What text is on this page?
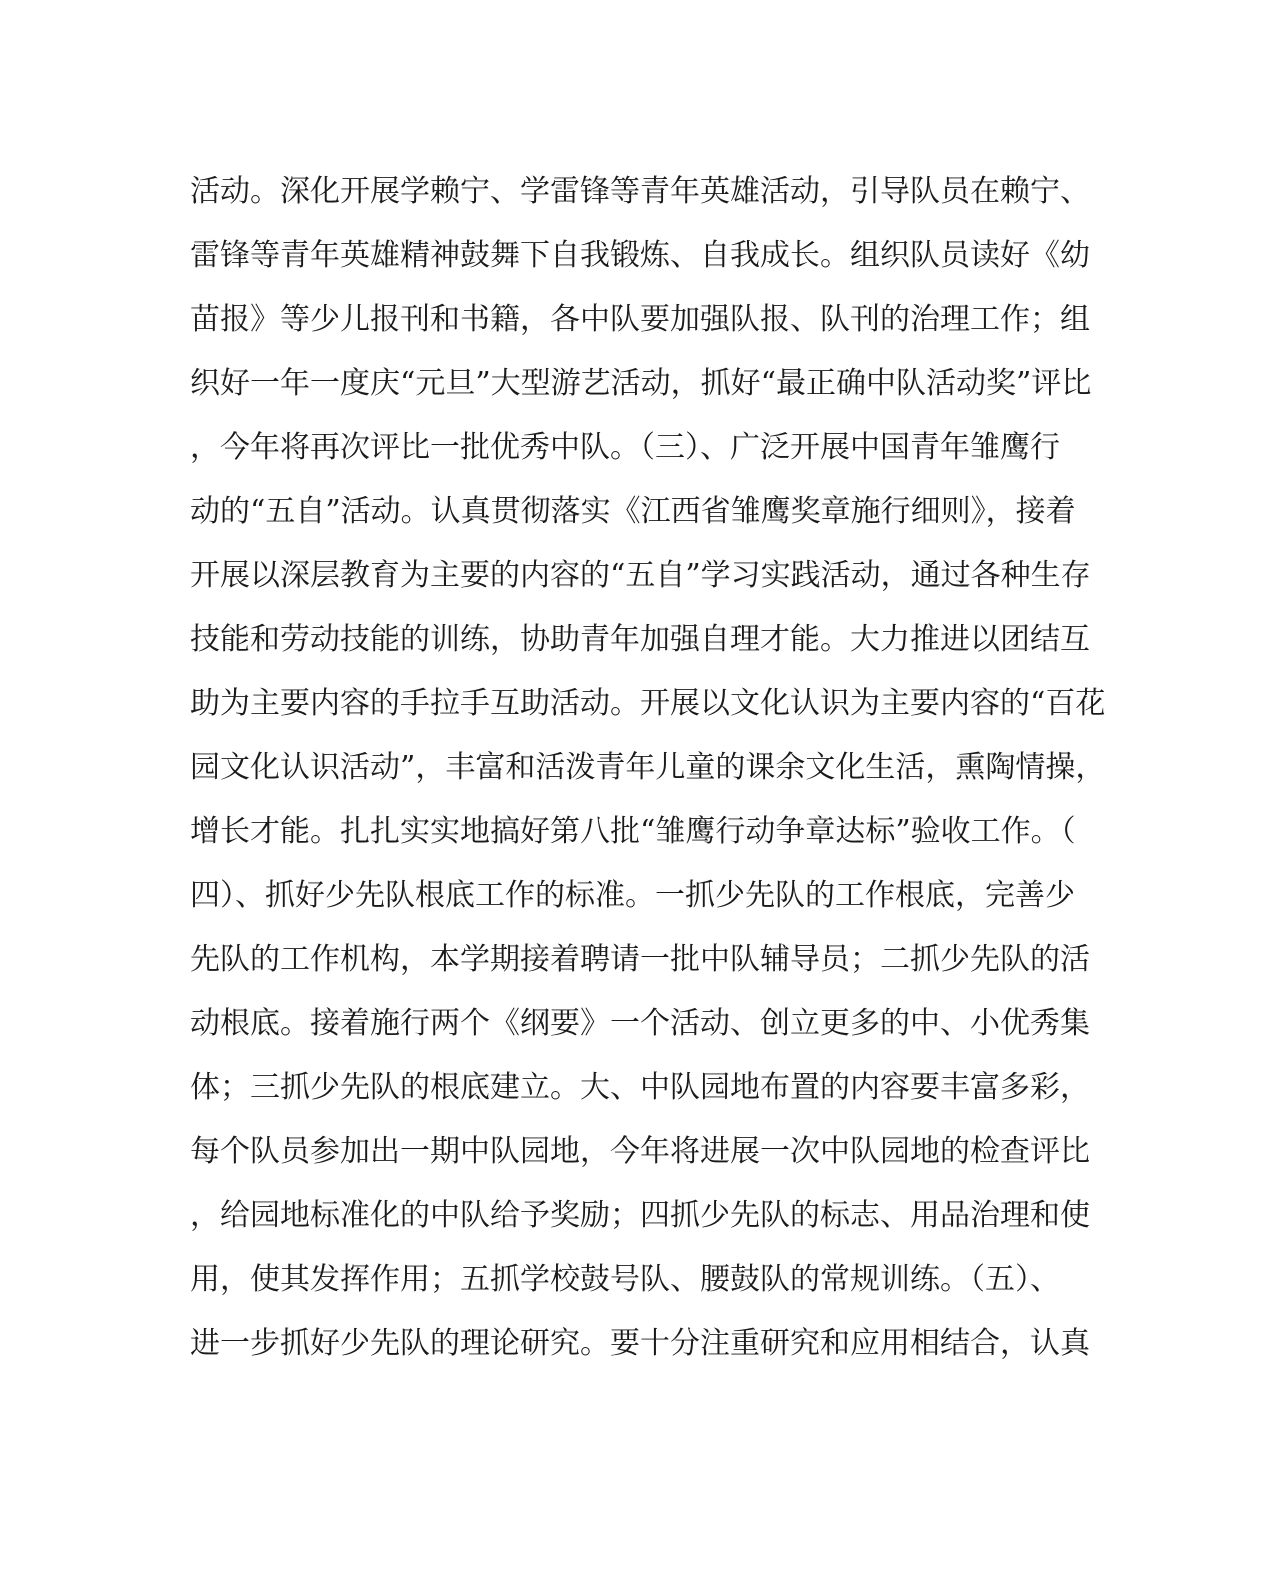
活动。深化开展学赖宁、学雷锋等青年英雄活动，引导队员在赖宁、
雷锋等青年英雄精神鼓舞下自我锻炼、自我成长。组织队员读好《幼
苗报》等少儿报刊和书籍，各中队要加强队报、队刊的治理工作；组
织好一年一度庆“元旦”大型游艺活动，抓好“最正确中队活动奖”评比
，今年将再次评比一批优秀中队。（三）、广泛开展中国青年雏鹰行
动的“五自”活动。认真贯彻落实《江西省雏鹰奖章施行细则》，接着
开展以深层教育为主要的内容的“五自”学习实践活动，通过各种生存
技能和劳动技能的训练，协助青年加强自理才能。大力推进以团结互
助为主要内容的手拉手互助活动。开展以文化认识为主要内容的“百花
园文化认识活动”，丰富和活泼青年儿童的课余文化生活，熏陶情操，
增长才能。扎扎实实地搞好第八批“雏鹰行动争章达标”验收工作。（
四）、抓好少先队根底工作的标准。一抓少先队的工作根底，完善少
先队的工作机构，本学期接着聘请一批中队辅导员；二抓少先队的活
动根底。接着施行两个《纲要》一个活动、创立更多的中、小优秀集
体；三抓少先队的根底建立。大、中队园地布置的内容要丰富多彩，
每个队员参加出一期中队园地，今年将进展一次中队园地的检查评比
，给园地标准化的中队给予奖励；四抓少先队的标志、用品治理和使
用，使其发挥作用；五抓学校鼓号队、腰鼓队的常规训练。（五）、
进一步抓好少先队的理论研究。要十分注重研究和应用相结合，认真
